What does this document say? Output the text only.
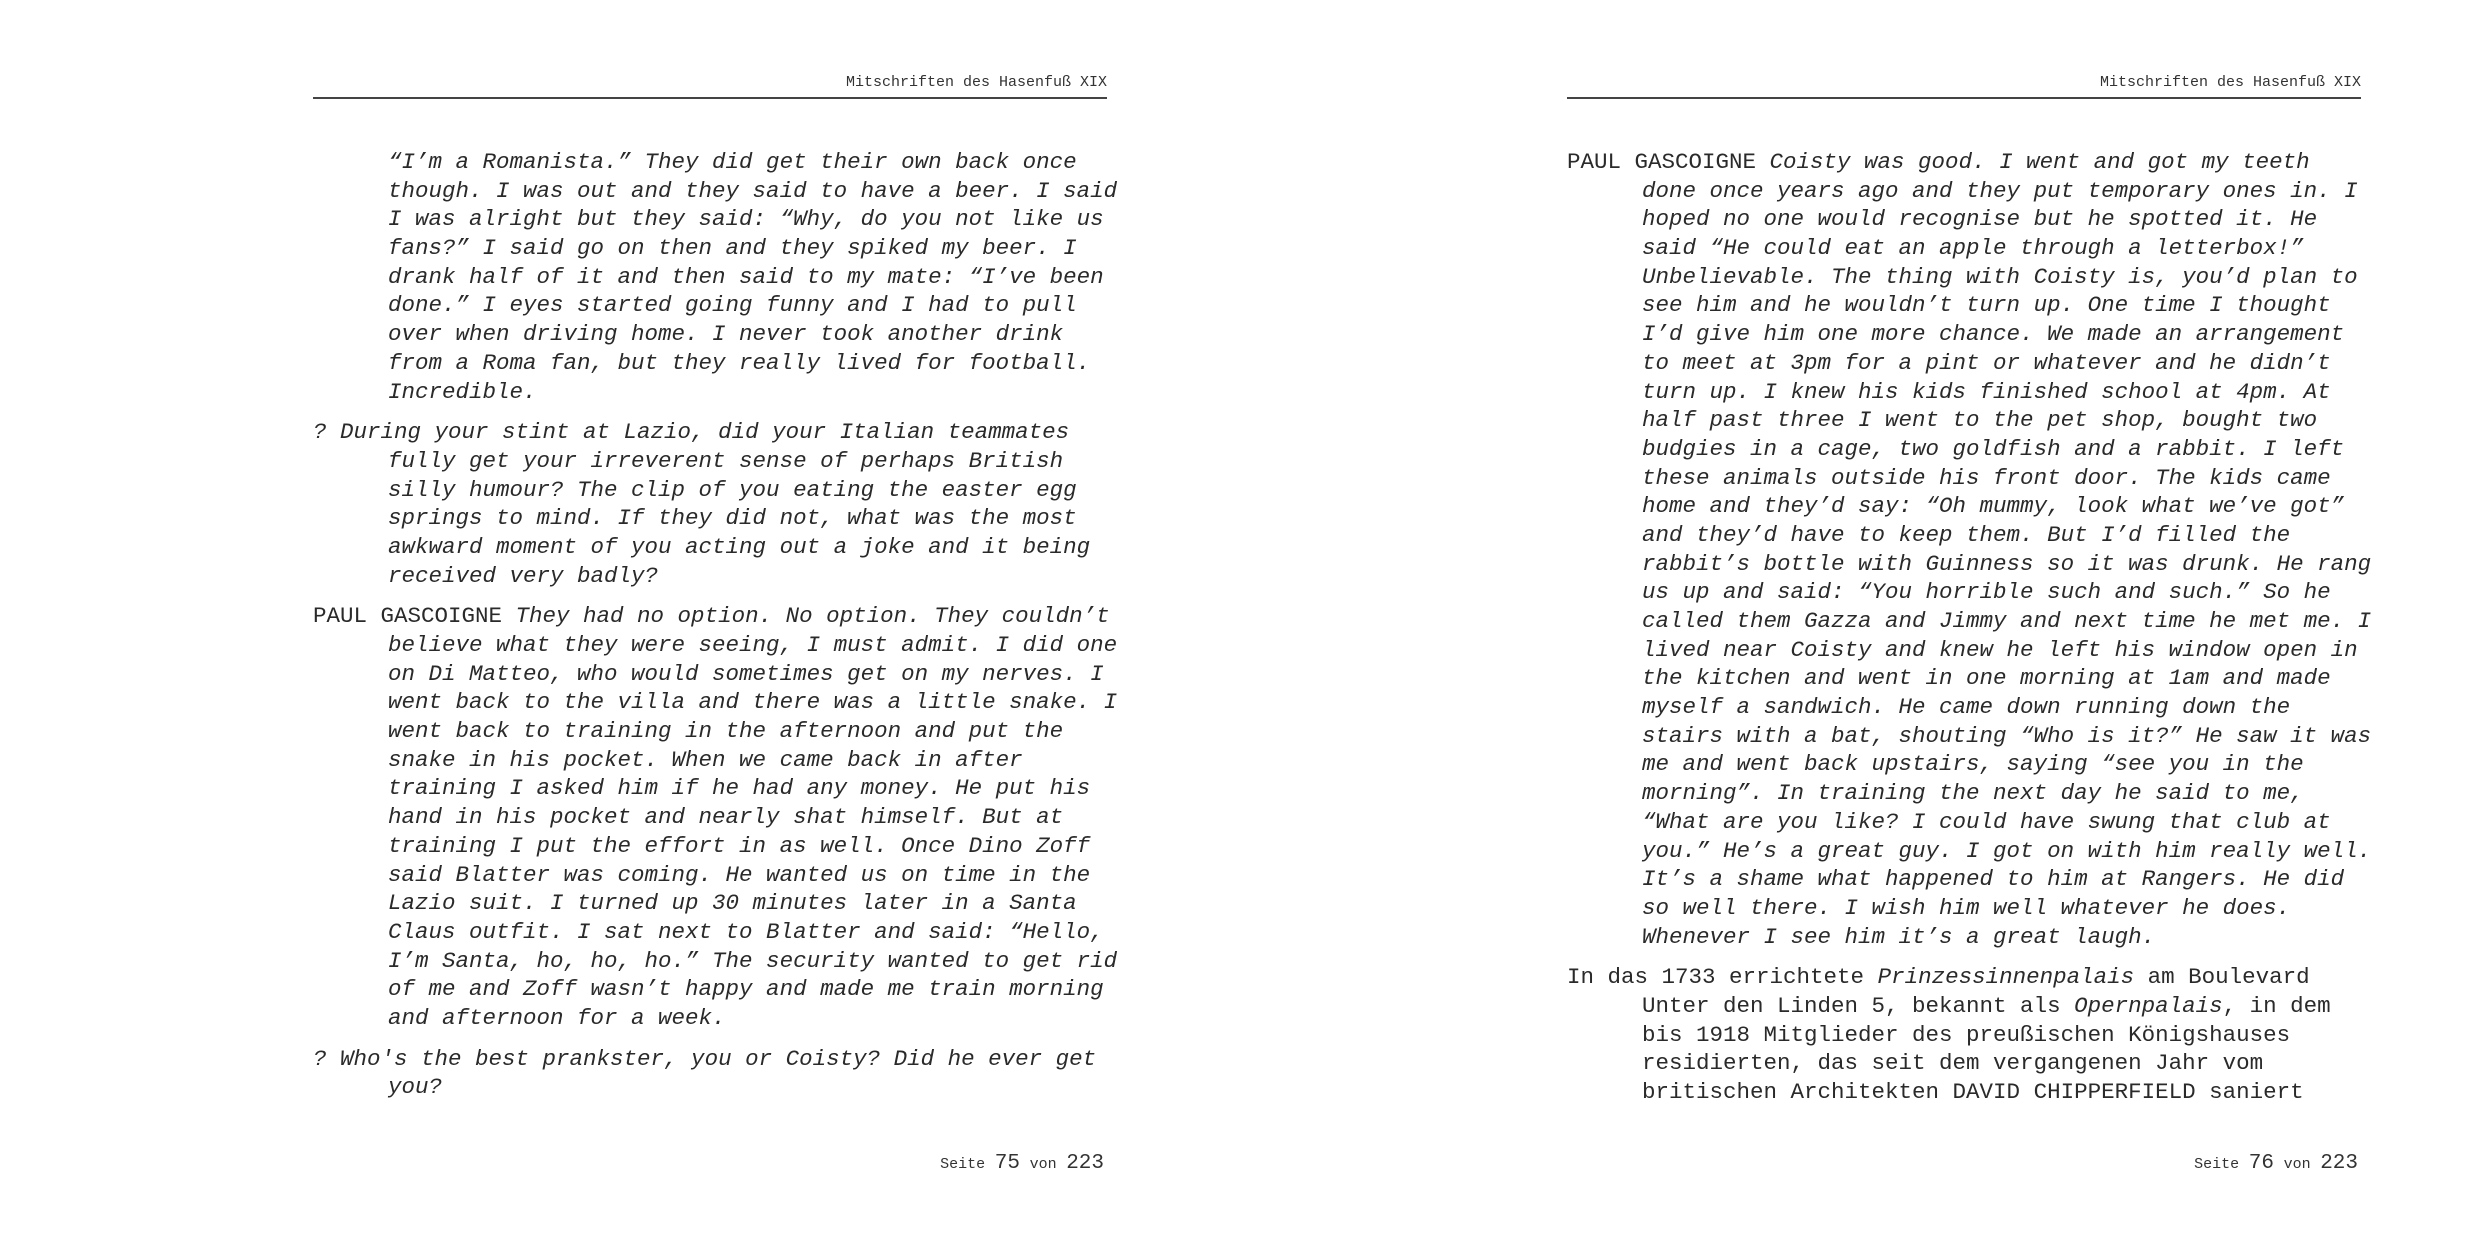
Mitschriften des Hasenfuß XIX
“I’m a Romanista.” They did get their own back once
though. I was out and they said to have a beer. I said
I was alright but they said: “Why, do you not like us
fans?” I said go on then and they spiked my beer. I
drank half of it and then said to my mate: “I’ve been
done.” I eyes started going funny and I had to pull
over when driving home. I never took another drink
from a Roma fan, but they really lived for football.
Incredible.
? During your stint at Lazio, did your Italian teammates
fully get your irreverent sense of perhaps British
silly humour? The clip of you eating the easter egg
springs to mind. If they did not, what was the most
awkward moment of you acting out a joke and it being
received very badly?
PAUL GASCOIGNE They had no option. No option. They couldn’t
believe what they were seeing, I must admit. I did one
on Di Matteo, who would sometimes get on my nerves. I
went back to the villa and there was a little snake. I
went back to training in the afternoon and put the
snake in his pocket. When we came back in after
training I asked him if he had any money. He put his
hand in his pocket and nearly shat himself. But at
training I put the effort in as well. Once Dino Zoff
said Blatter was coming. He wanted us on time in the
Lazio suit. I turned up 30 minutes later in a Santa
Claus outfit. I sat next to Blatter and said: “Hello,
I’m Santa, ho, ho, ho.” The security wanted to get rid
of me and Zoff wasn’t happy and made me train morning
and afternoon for a week.
? Who's the best prankster, you or Coisty? Did he ever get
you?
Seite 75 von 223
Mitschriften des Hasenfuß XIX
PAUL GASCOIGNE Coisty was good. I went and got my teeth
done once years ago and they put temporary ones in. I
hoped no one would recognise but he spotted it. He
said “He could eat an apple through a letterbox!”
Unbelievable. The thing with Coisty is, you’d plan to
see him and he wouldn’t turn up. One time I thought
I’d give him one more chance. We made an arrangement
to meet at 3pm for a pint or whatever and he didn’t
turn up. I knew his kids finished school at 4pm. At
half past three I went to the pet shop, bought two
budgies in a cage, two goldfish and a rabbit. I left
these animals outside his front door. The kids came
home and they’d say: “Oh mummy, look what we’ve got”
and they’d have to keep them. But I’d filled the
rabbit’s bottle with Guinness so it was drunk. He rang
us up and said: “You horrible such and such.” So he
called them Gazza and Jimmy and next time he met me. I
lived near Coisty and knew he left his window open in
the kitchen and went in one morning at 1am and made
myself a sandwich. He came down running down the
stairs with a bat, shouting “Who is it?” He saw it was
me and went back upstairs, saying “see you in the
morning”. In training the next day he said to me,
“What are you like? I could have swung that club at
you.” He’s a great guy. I got on with him really well.
It’s a shame what happened to him at Rangers. He did
so well there. I wish him well whatever he does.
Whenever I see him it’s a great laugh.
In das 1733 errichtete Prinzessinnenpalais am Boulevard
Unter den Linden 5, bekannt als Opernpalais, in dem
bis 1918 Mitglieder des preußischen Königshauses
residierten, das seit dem vergangenen Jahr vom
britischen Architekten DAVID CHIPPERFIELD saniert
Seite 76 von 223
